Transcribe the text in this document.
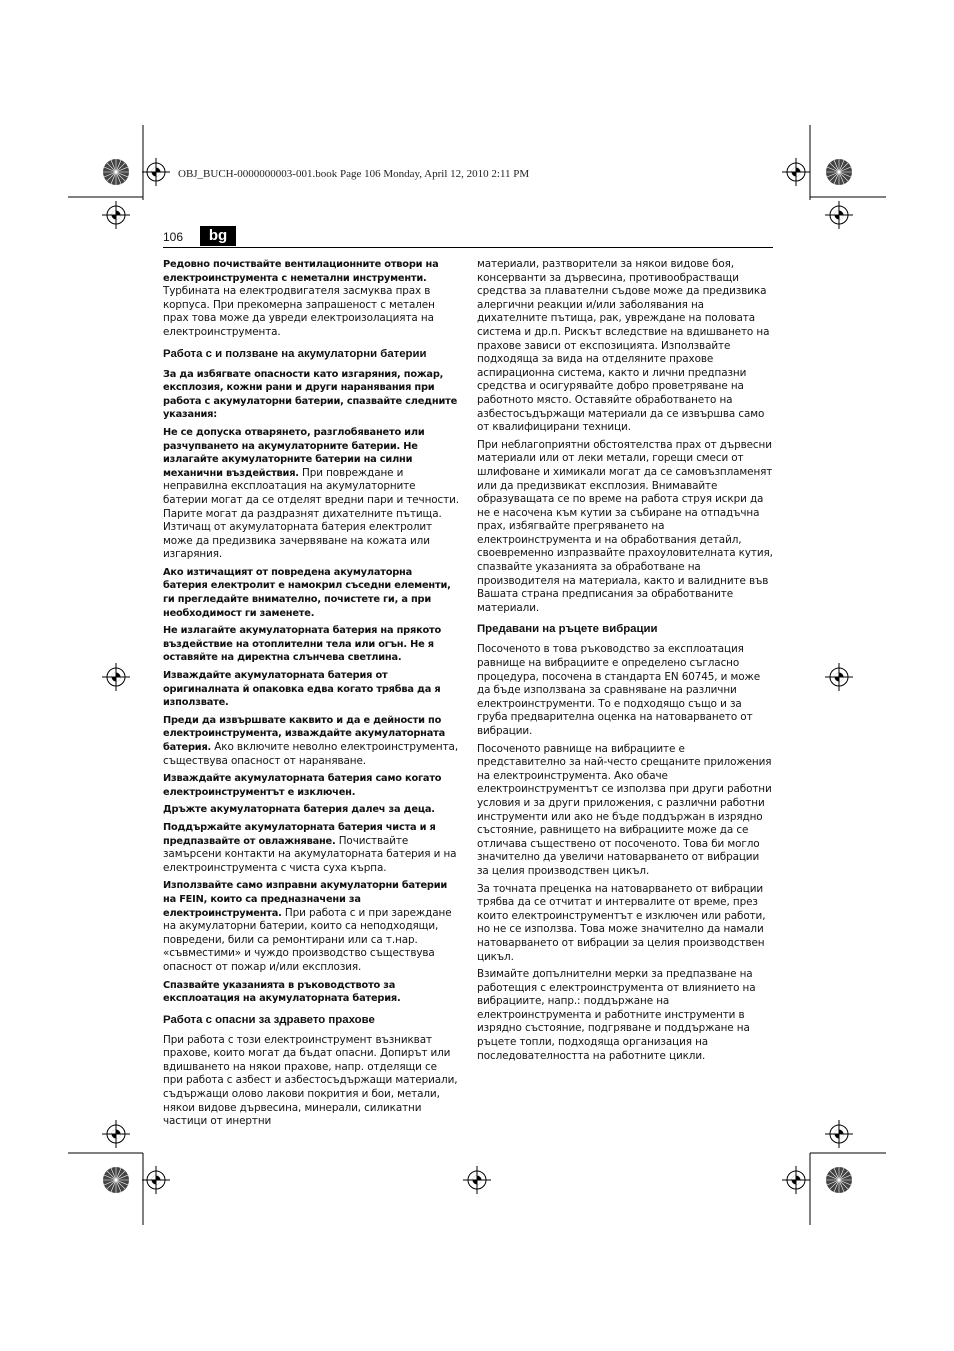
OBJ_BUCH-0000000003-001.book Page 106 Monday, April 12, 2010 2:11 PM
106	bg

Редовно почиствайте вентилационните отвори на електроинструмента с неметални инструменти. Турбината на електродвигателя засмуква прах в корпуса. При прекомерна запрашеност с метален прах това може да увреди електроизолацията на електроинструмента.

Работа с и ползване на акумулаторни батерии

За да избягвате опасности като изгаряния, пожар, експлозия, кожни рани и други наранявания при работа с акумулаторни батерии, спазвайте следните указания:

Не се допуска отварянето, разглобяването или разчупването на акумулаторните батерии. Не излагайте акумулаторните батерии на силни механични въздействия. При повреждане и неправилна експлоатация на акумулаторните батерии могат да се отделят вредни пари и течности. Парите могат да раздразнят дихателните пътища. Изтичащ от акумулаторната батерия електролит може да предизвика зачервяване на кожата или изгаряния.

Ако изтичащият от повредена акумулаторна батерия електролит е намокрил съседни елементи, ги прегледайте внимателно, почистете ги, а при необходимост ги заменете.

Не излагайте акумулаторната батерия на прякото въздействие на отоплителни тела или огън. Не я оставяйте на директна слънчева светлина.

Изваждайте акумулаторната батерия от оригиналната й опаковка едва когато трябва да я използвате.

Преди да извършвате каквито и да е дейности по електроинструмента, изваждайте акумулаторната батерия. Ако включите неволно електроинструмента, съществува опасност от нараняване.

Изваждайте акумулаторната батерия само когато електроинструментът е изключен.

Дръжте акумулаторната батерия далеч за деца.

Поддържайте акумулаторната батерия чиста и я предпазвайте от овлажняване. Почиствайте замърсени контакти на акумулаторната батерия и на електроинструмента с чиста суха кърпа.

Използвайте само изправни акумулаторни батерии на FEIN, които са предназначени за електроинструмента. При работа с и при зареждане на акумулаторни батерии, които са неподходящи, повредени, били са ремонтирани или са т.нар. «съвместими» и чуждо производство съществува опасност от пожар и/или експлозия.

Спазвайте указанията в ръководството за експлоатация на акумулаторната батерия.

Работа с опасни за здравето прахове

При работа с този електроинструмент възникват прахове, които могат да бъдат опасни. Допирът или вдишването на някои прахове, напр. отделящи се при работа с азбест и азбестосъдържащи материали, съдържащи олово лакови покрития и бои, метали, някои видове дървесина, минерали, силикатни частици от инертни

материали, разтворители за някои видове боя, консерванти за дървесина, противообрастващи средства за плавателни съдове може да предизвика алергични реакции и/или заболявания на дихателните пътища, рак, увреждане на половата система и др.п. Рискът вследствие на вдишването на прахове зависи от експозицията. Използвайте подходяща за вида на отделяните прахове аспирационна система, както и лични предпазни средства и осигурявайте добро проветряване на работното място. Оставяйте обработването на азбестосъдържащи материали да се извършва само от квалифицирани техници.

При неблагоприятни обстоятелства прах от дървесни материали или от леки метали, горещи смеси от шлифоване и химикали могат да се самовъзпламенят или да предизвикат експлозия. Внимавайте образуващата се по време на работа струя искри да не е насочена към кутии за събиране на отпадъчна прах, избягвайте прегряването на електроинструмента и на обработвания детайл, своевременно изпразвайте прахоуловителната кутия, спазвайте указанията за обработване на производителя на материала, както и валидните във Вашата страна предписания за обработваните материали.

Предавани на ръцете вибрации

Посоченото в това ръководство за експлоатация равнище на вибрациите е определено съгласно процедура, посочена в стандарта EN 60745, и може да бъде използвана за сравняване на различни електроинструменти. То е подходящо също и за груба предварителна оценка на натоварването от вибрации.

Посоченото равнище на вибрациите е представително за най-често срещаните приложения на електроинструмента. Ако обаче електроинструментът се използва при други работни условия и за други приложения, с различни работни инструменти или ако не бъде поддържан в изрядно състояние, равнището на вибрациите може да се отличава съществено от посоченото. Това би могло значително да увеличи натоварването от вибрации за целия производствен цикъл.

За точната преценка на натоварването от вибрации трябва да се отчитат и интервалите от време, през които електроинструментът е изключен или работи, но не се използва. Това може значително да намали натоварването от вибрации за целия производствен цикъл.

Взимайте допълнителни мерки за предпазване на работещия с електроинструмента от влиянието на вибрациите, напр.: поддържане на електроинструмента и работните инструменти в изрядно състояние, подгряване и поддържане на ръцете топли, подходяща организация на последователността на работните цикли.
